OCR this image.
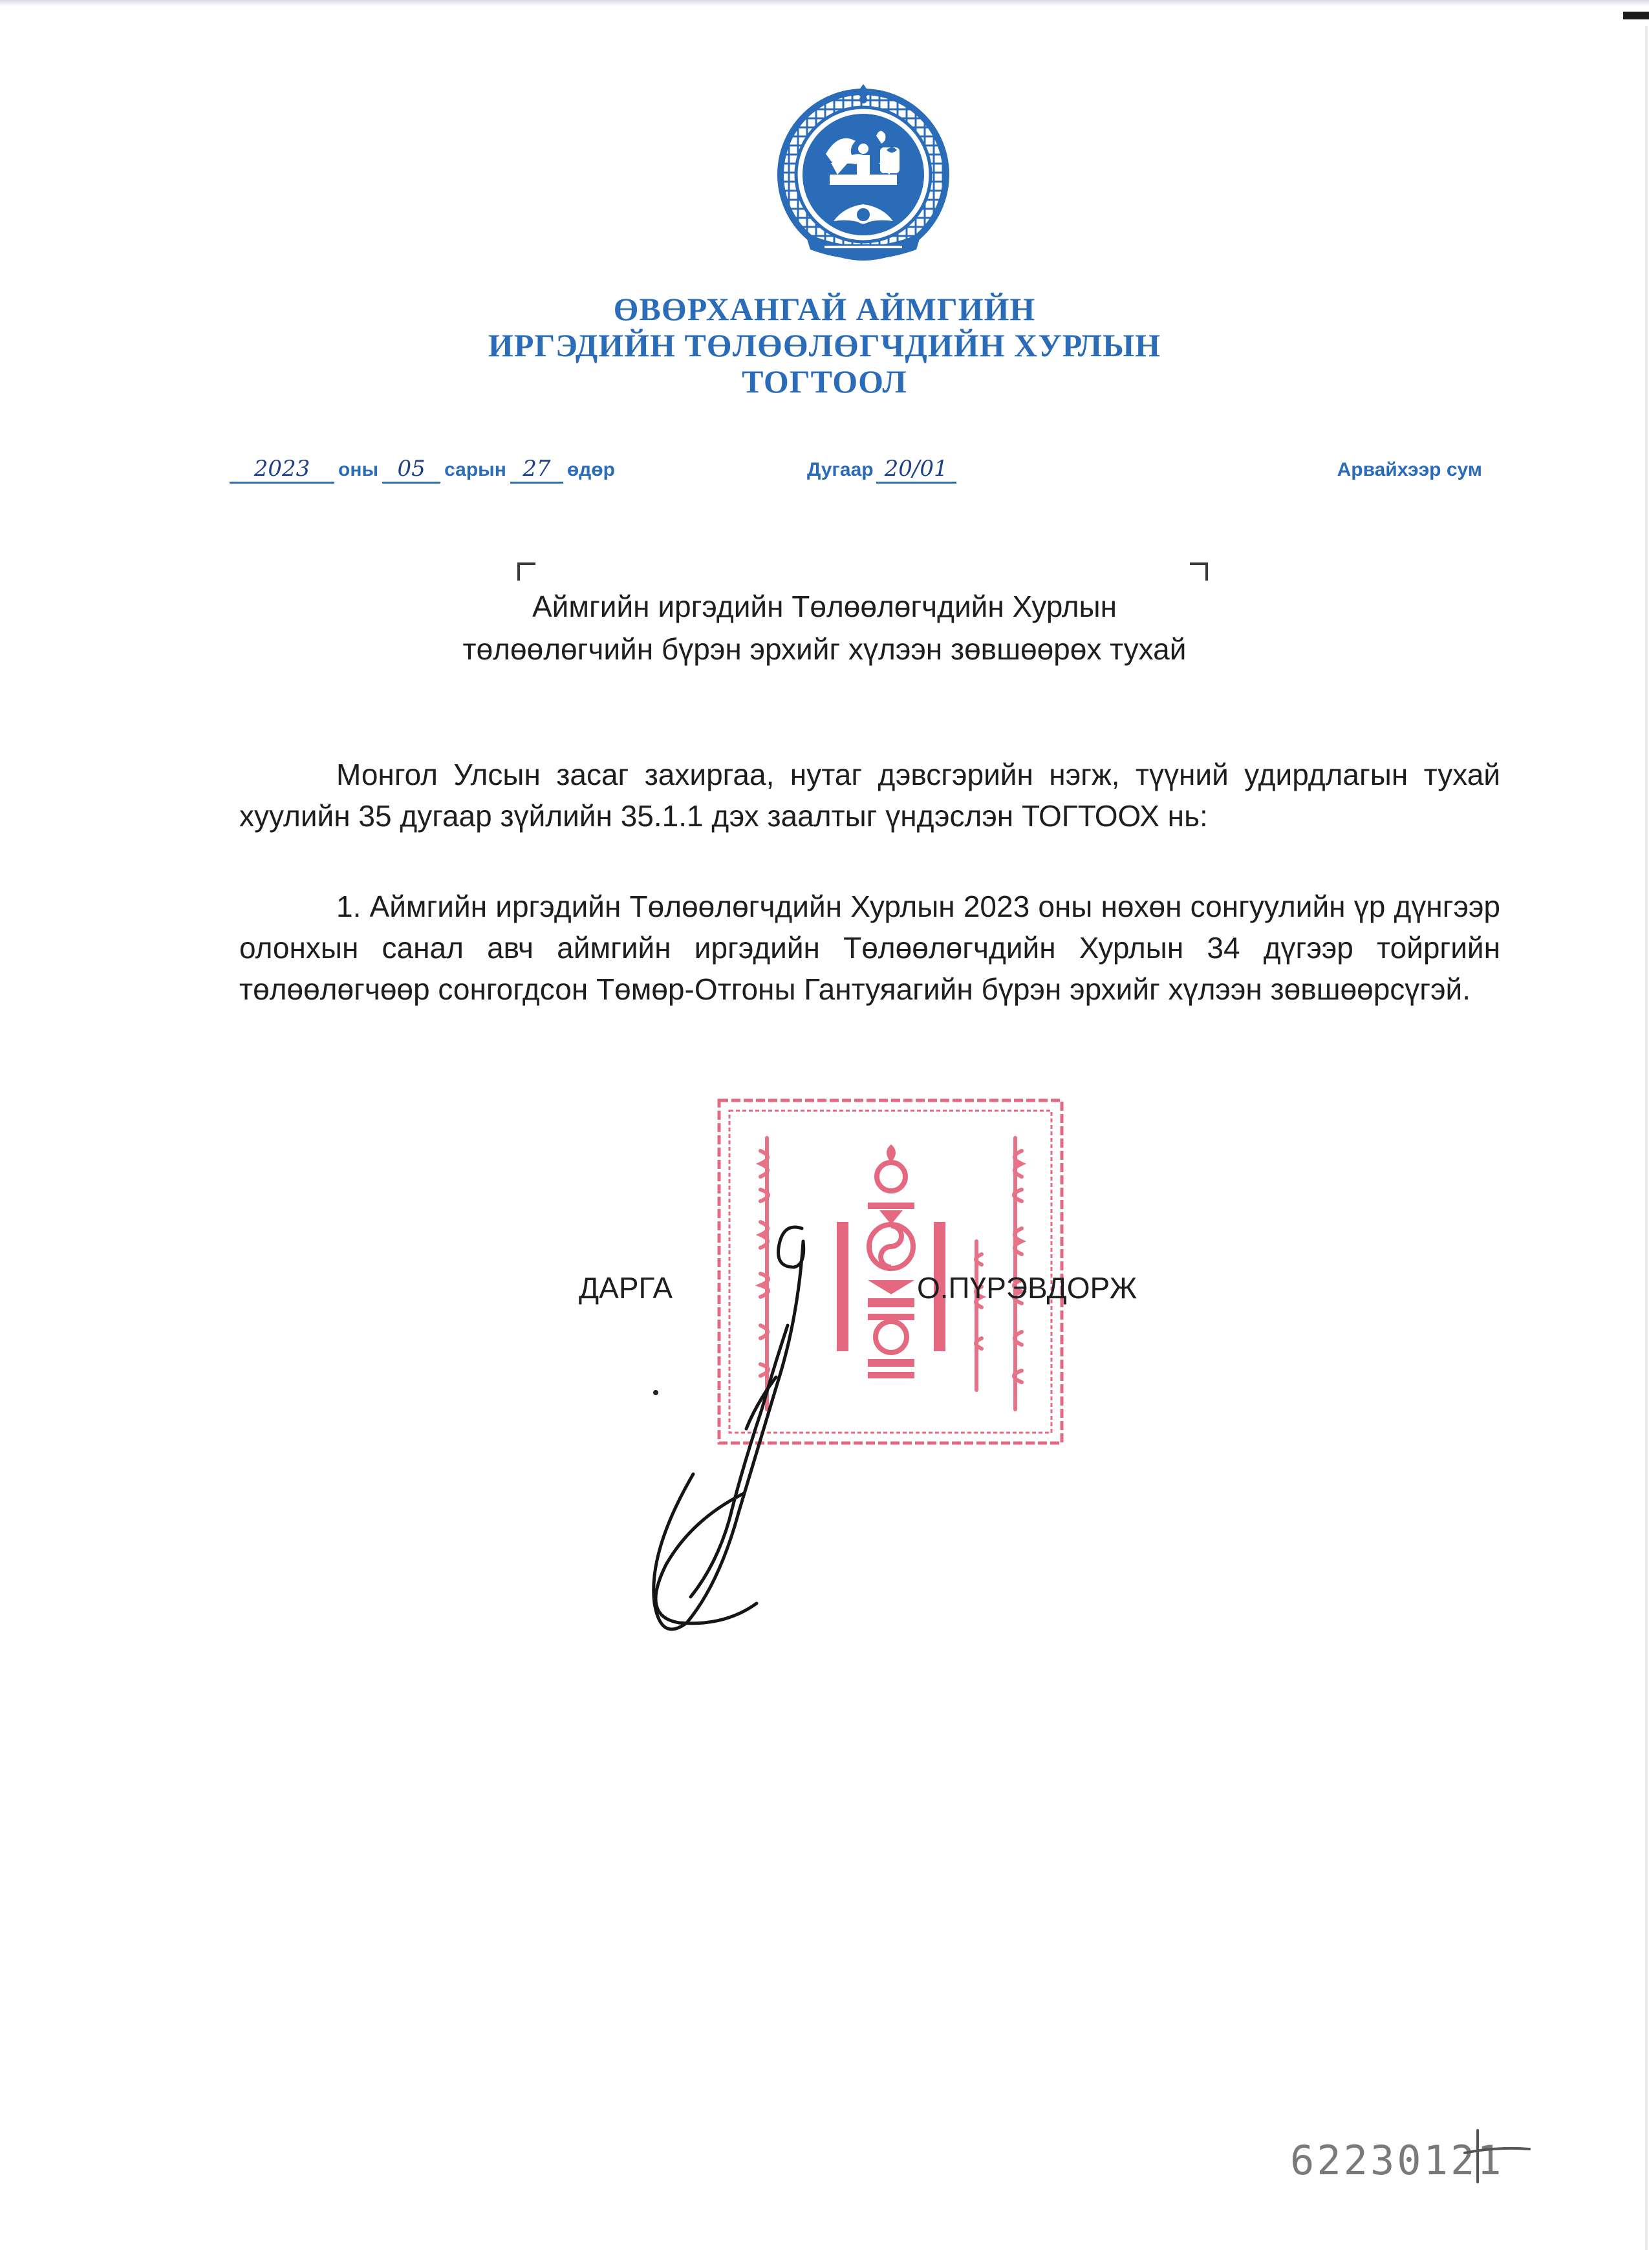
ӨВӨРХАНГАЙ АЙМГИЙН
ИРГЭДИЙН ТӨЛӨӨЛӨГЧДИЙН ХУРЛЫН
ТОГТООЛ
2023	оны 05 сарын 27 өдөр	Дугаар 20/01	Арвайхээр сум
Аймгийн иргэдийн Төлөөлөгчдийн Хурлын
төлөөлөгчийн бүрэн эрхийг хүлээн зөвшөөрөх тухай

Монгол Улсын засаг захиргаа, нутаг дэвсгэрийн нэгж, түүний удирдлагын тухай хуулийн 35 дугаар зүйлийн 35.1.1 дэх заалтыг үндэслэн ТОГТООХ нь:

1. Аймгийн иргэдийн Төлөөлөгчдийн Хурлын 2023 оны нөхөн сонгуулийн үр дүнгээр олонхын санал авч аймгийн иргэдийн Төлөөлөгчдийн Хурлын 34 дүгээр тойргийн төлөөлөгчөөр сонгогдсон Төмөр-Отгоны Гантуяагийн бүрэн эрхийг хүлээн зөвшөөрсүгэй.

ДАРГА	О.ПҮРЭВДОРЖ
62230121
